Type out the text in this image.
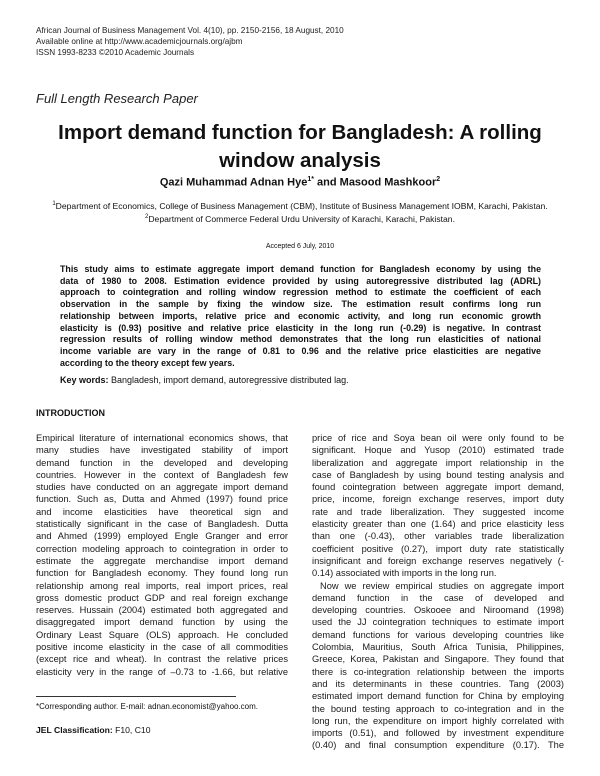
African Journal of Business Management Vol. 4(10), pp. 2150-2156, 18 August, 2010
Available online at http://www.academicjournals.org/ajbm
ISSN 1993-8233 ©2010 Academic Journals
Full Length Research Paper
Import demand function for Bangladesh: A rolling
window analysis
Qazi Muhammad Adnan Hye$^{1*}$ and Masood Mashkoor$^2$
$^1$Department of Economics, College of Business Management (CBM), Institute of Business Management IOBM, Karachi, Pakistan.
$^2$Department of Commerce Federal Urdu University of Karachi, Karachi, Pakistan.
Accepted 6 July, 2010
This study aims to estimate aggregate import demand function for Bangladesh economy by using the
data of 1980 to 2008. Estimation evidence provided by using autoregressive distributed lag (ADRL)
approach to cointegration and rolling window regression method to estimate the coefficient of each
observation in the sample by fixing the window size. The estimation result confirms long run
relationship between imports, relative price and economic activity, and long run economic growth
elasticity is (0.93) positive and relative price elasticity in the long run (-0.29) is negative. In contrast
regression results of rolling window method demonstrates that the long run elasticities of national
income variable are vary in the range of 0.81 to 0.96 and the relative price elasticities are negative
according to the theory except few years.
Key words: Bangladesh, import demand, autoregressive distributed lag.
INTRODUCTION
Empirical literature of international economics shows, that
many studies have investigated stability of import
demand function in the developed and developing
countries. However in the context of Bangladesh few
studies have conducted on an aggregate import demand
function. Such as, Dutta and Ahmed (1997) found price
and income elasticities have theoretical sign and
statistically significant in the case of Bangladesh. Dutta
and Ahmed (1999) employed Engle Granger and error
correction modeling approach to cointegration in order to
estimate the aggregate merchandise import demand
function for Bangladesh economy. They found long run
relationship among real imports, real import prices, real
gross domestic product GDP and real foreign exchange
reserves. Hussain (2004) estimated both aggregated and
disaggregated import demand function by using the
Ordinary Least Square (OLS) approach. He concluded
positive income elasticity in the case of all commodities
(except rice and wheat). In contrast the relative prices
elasticity very in the range of –0.73 to -1.66, but relative
price of rice and Soya bean oil were only found to be
significant. Hoque and Yusop (2010) estimated trade
liberalization and aggregate import relationship in the
case of Bangladesh by using bound testing analysis and
found cointegration between aggregate import demand,
price, income, foreign exchange reserves, import duty
rate and trade liberalization. They suggested income
elasticity greater than one (1.64) and price elasticity less
than one (-0.43), other variables trade liberalization
coefficient positive (0.27), import duty rate statistically
insignificant and foreign exchange reserves negatively (-
0.14) associated with imports in the long run.
Now we review empirical studies on aggregate import
demand function in the case of developed and
developing countries. Oskooee and Niroomand (1998)
used the JJ cointegration techniques to estimate import
demand functions for various developing countries like
Colombia, Mauritius, South Africa Tunisia, Philippines,
Greece, Korea, Pakistan and Singapore. They found that
there is co-integration relationship between the imports
and its determinants in these countries. Tang (2003)
estimated import demand function for China by employing
the bound testing approach to co-integration and in the
long run, the expenditure on import highly correlated with
imports (0.51), and followed by investment expenditure
(0.40) and final consumption expenditure (0.17). The
*Corresponding author. E-mail: adnan.economist@yahoo.com.
JEL Classification: F10, C10
